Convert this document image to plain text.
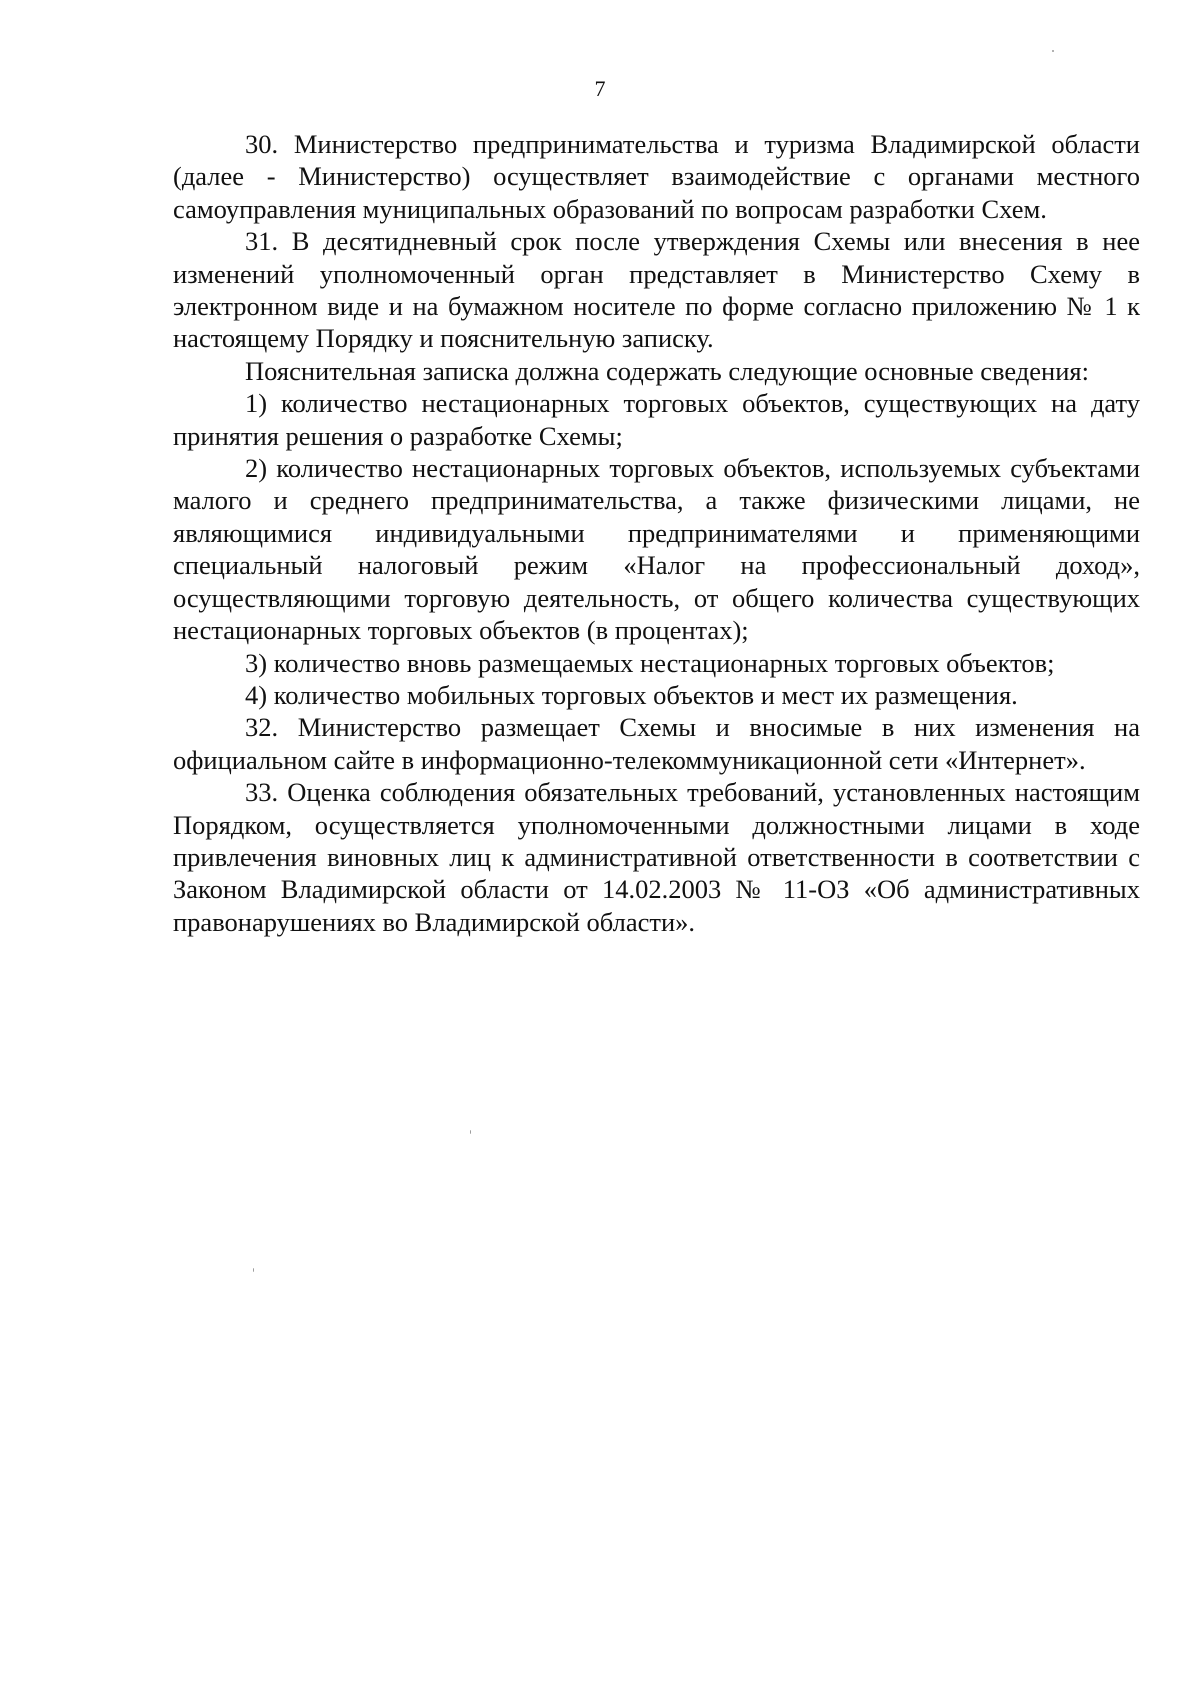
7

30. Министерство предпринимательства и туризма Владимирской области (далее - Министерство) осуществляет взаимодействие с органами местного самоуправления муниципальных образований по вопросам разработки Схем.

31. В десятидневный срок после утверждения Схемы или внесения в нее изменений уполномоченный орган представляет в Министерство Схему в электронном виде и на бумажном носителе по форме согласно приложению № 1 к настоящему Порядку и пояснительную записку.

Пояснительная записка должна содержать следующие основные сведения:

1) количество нестационарных торговых объектов, существующих на дату принятия решения о разработке Схемы;

2) количество нестационарных торговых объектов, используемых субъектами малого и среднего предпринимательства, а также физическими лицами, не являющимися индивидуальными предпринимателями и применяющими специальный налоговый режим «Налог на профессиональный доход», осуществляющими торговую деятельность, от общего количества существующих нестационарных торговых объектов (в процентах);

3) количество вновь размещаемых нестационарных торговых объектов;

4) количество мобильных торговых объектов и мест их размещения.

32. Министерство размещает Схемы и вносимые в них изменения на официальном сайте в информационно-телекоммуникационной сети «Интернет».

33. Оценка соблюдения обязательных требований, установленных настоящим Порядком, осуществляется уполномоченными должностными лицами в ходе привлечения виновных лиц к административной ответственности в соответствии с Законом Владимирской области от 14.02.2003 № 11-ОЗ «Об административных правонарушениях во Владимирской области».
